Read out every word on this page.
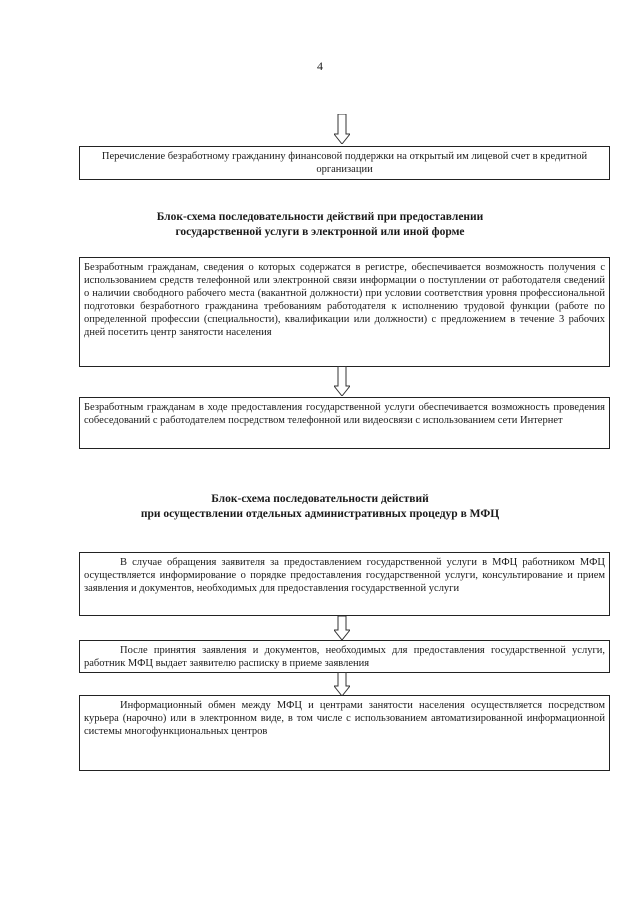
4
Перечисление безработному гражданину финансовой поддержки на открытый им лицевой счет в кредитной организации
Блок-схема последовательности действий при предоставлении
государственной услуги в электронной или иной форме
Безработным гражданам, сведения о которых содержатся в регистре, обеспечивается возможность получения с использованием средств телефонной или электронной связи информации о поступлении от работодателя сведений о наличии свободного рабочего места (вакантной должности) при условии соответствия уровня профессиональной подготовки безработного гражданина требованиям работодателя к исполнению трудовой функции (работе по определенной профессии (специальности), квалификации или должности) с предложением в течение 3 рабочих дней посетить центр занятости населения
Безработным гражданам в ходе предоставления государственной услуги обеспечивается возможность проведения собеседований с работодателем посредством телефонной или видеосвязи с использованием сети Интернет
Блок-схема последовательности действий
при осуществлении отдельных административных процедур в МФЦ
В случае обращения заявителя за предоставлением государственной услуги в МФЦ работником МФЦ осуществляется информирование о порядке предоставления государственной услуги, консультирование и прием заявления и документов, необходимых для предоставления государственной услуги
После принятия заявления и документов, необходимых для предоставления государственной услуги, работник МФЦ выдает заявителю расписку в приеме заявления
Информационный обмен между МФЦ и центрами занятости населения осуществляется посредством курьера (нарочно) или в электронном виде, в том числе с использованием автоматизированной информационной системы многофункциональных центров
